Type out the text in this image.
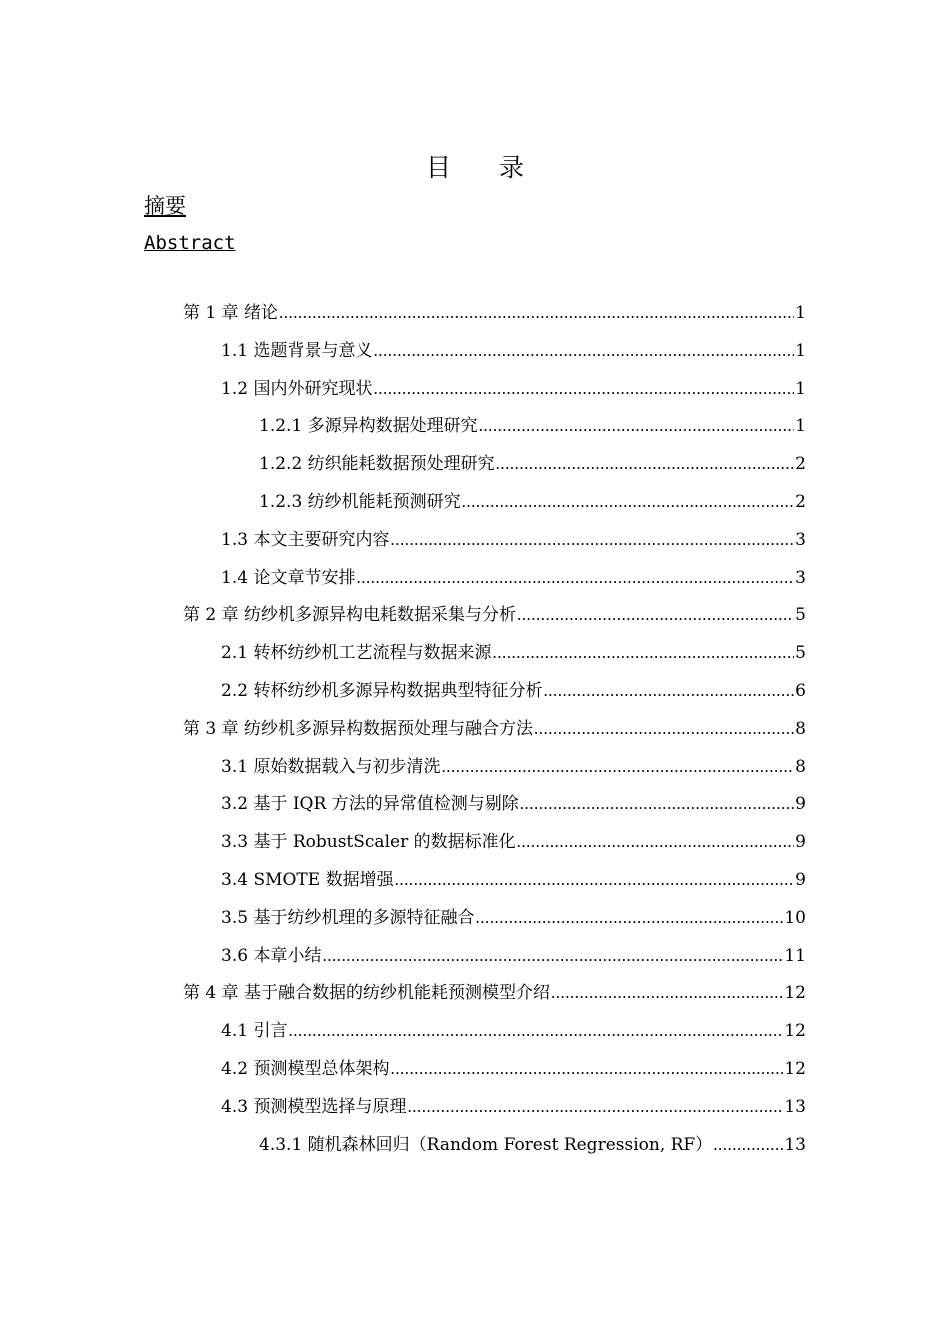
目 录
摘要
Abstract
第 1 章 绪论 .....	1
1.1 选题背景与意义 .....	1
1.2 国内外研究现状 .....	1
1.2.1 多源异构数据处理研究 .....	1
1.2.2 纺织能耗数据预处理研究 .....	2
1.2.3 纺纱机能耗预测研究 .....	2
1.3 本文主要研究内容 .....	3
1.4 论文章节安排 .....	3
第 2 章 纺纱机多源异构电耗数据采集与分析 .....	5
2.1 转杯纺纱机工艺流程与数据来源 .....	5
2.2 转杯纺纱机多源异构数据典型特征分析 .....	6
第 3 章 纺纱机多源异构数据预处理与融合方法 .....	8
3.1 原始数据载入与初步清洗 .....	8
3.2 基于 IQR 方法的异常值检测与剔除 .....	9
3.3 基于 RobustScaler 的数据标准化 .....	9
3.4 SMOTE 数据增强 .....	9
3.5 基于纺纱机理的多源特征融合 .....	10
3.6 本章小结 .....	11
第 4 章 基于融合数据的纺纱机能耗预测模型介绍 .....	12
4.1 引言 .....	12
4.2 预测模型总体架构 .....	12
4.3 预测模型选择与原理 .....	13
4.3.1 随机森林回归（Random Forest Regression, RF） .....	13
